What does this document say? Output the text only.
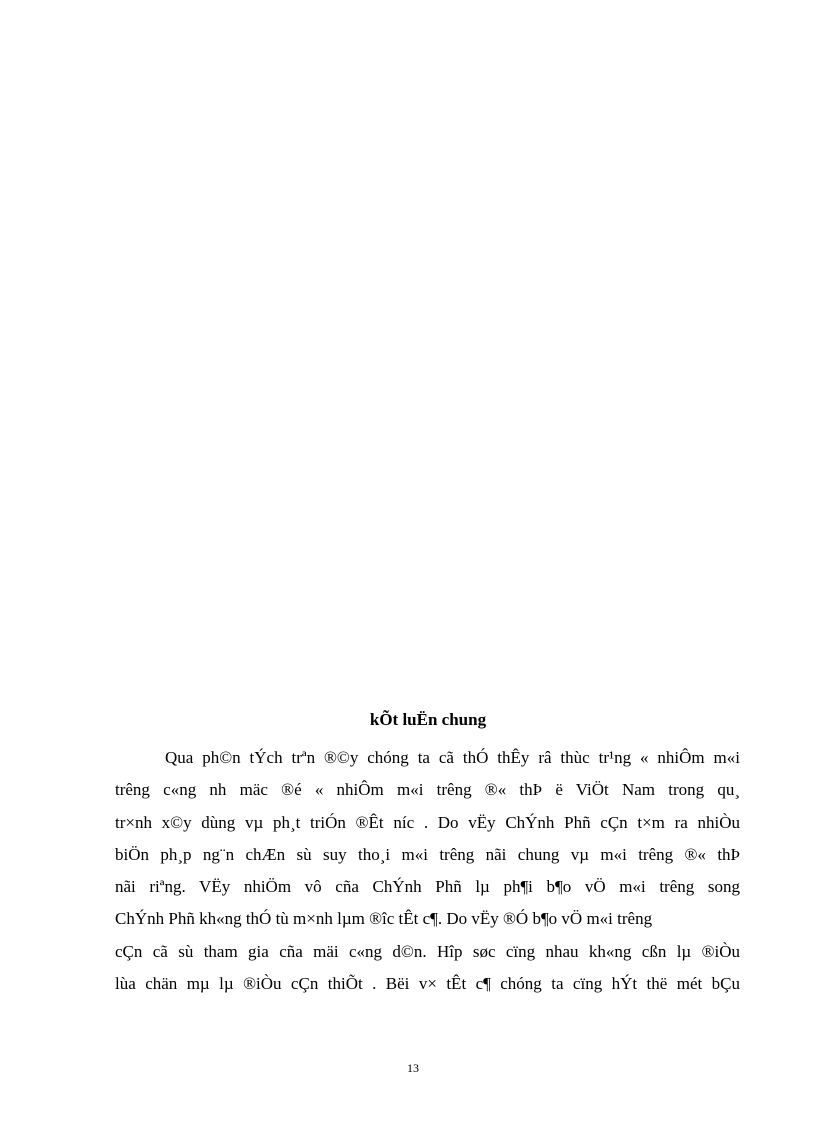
kÕt luËn chung
Qua ph©n tÝch trªn ®©y chóng ta cã thÓ thÊy râ thùc tr¹ng « nhiÔm m«i
trêng c«ng nh mäc ®é « nhiÔm m«i trêng ®« thÞ ë ViÖt Nam trong qu¸
tr×nh x©y dùng vµ ph¸t triÓn ®Êt níc . Do vËy ChÝnh Phñ cÇn t×m ra nhiÒu
biÖn ph¸p ng¨n chÆn sù suy tho¸i m«i trêng nãi chung vµ m«i trêng ®« thÞ
nãi riªng. VËy nhiÖm vô cña ChÝnh Phñ lµ ph¶i b¶o vÖ m«i trêng song
ChÝnh Phñ kh«ng thÓ tù m×nh lµm ®îc tÊt c¶. Do vËy ®Ó b¶o vÖ m«i trêng
cÇn cã sù tham gia cña mäi c«ng d©n. Hîp søc cïng nhau kh«ng cßn lµ ®iÒu
lùa chän mµ lµ ®iÒu cÇn thiÕt . Bëi v× tÊt c¶ chóng ta cïng hÝt thë mét bÇu
13
